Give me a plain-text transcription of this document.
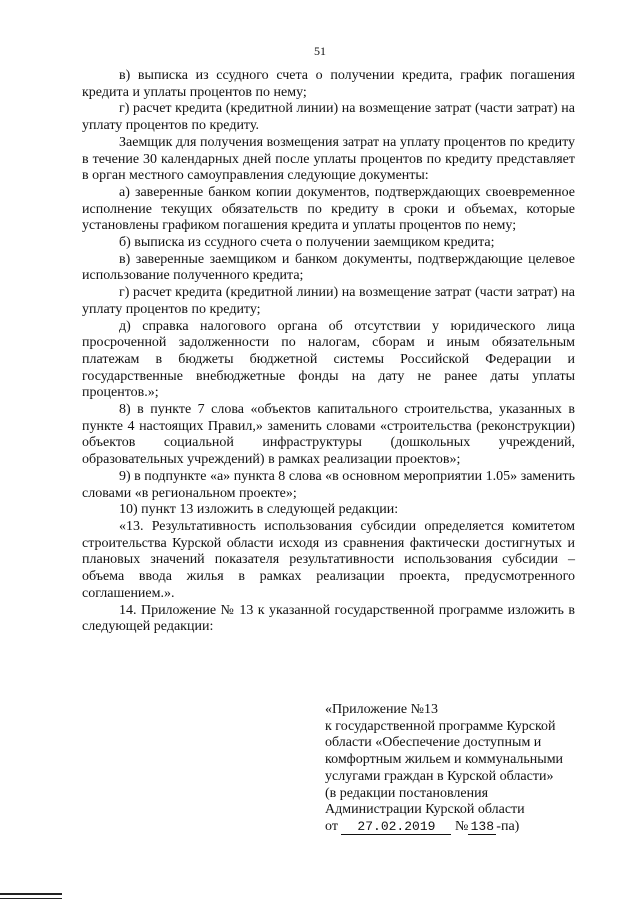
51

в) выписка из ссудного счета о получении кредита, график погашения кредита и уплаты процентов по нему;

г) расчет кредита (кредитной линии) на возмещение затрат (части затрат) на уплату процентов по кредиту.

Заемщик для получения возмещения затрат на уплату процентов по кредиту в течение 30 календарных дней после уплаты процентов по кредиту представляет в орган местного самоуправления следующие документы:

а) заверенные банком копии документов, подтверждающих своевременное исполнение текущих обязательств по кредиту в сроки и объемах, которые установлены графиком погашения кредита и уплаты процентов по нему;

б) выписка из ссудного счета о получении заемщиком кредита;

в) заверенные заемщиком и банком документы, подтверждающие целевое использование полученного кредита;

г) расчет кредита (кредитной линии) на возмещение затрат (части затрат) на уплату процентов по кредиту;

д) справка налогового органа об отсутствии у юридического лица просроченной задолженности по налогам, сборам и иным обязательным платежам в бюджеты бюджетной системы Российской Федерации и государственные внебюджетные фонды на дату не ранее даты уплаты процентов.»;

8) в пункте 7 слова «объектов капитального строительства, указанных в пункте 4 настоящих Правил,» заменить словами «строительства (реконструкции) объектов социальной инфраструктуры (дошкольных учреждений, образовательных учреждений) в рамках реализации проектов»;

9) в подпункте «а» пункта 8 слова «в основном мероприятии 1.05» заменить словами «в региональном проекте»;

10) пункт 13 изложить в следующей редакции:

«13. Результативность использования субсидии определяется комитетом строительства Курской области исходя из сравнения фактически достигнутых и плановых значений показателя результативности использования субсидии – объема ввода жилья в рамках реализации проекта, предусмотренного соглашением.».

14. Приложение № 13 к указанной государственной программе изложить в следующей редакции:

«Приложение №13
к государственной программе Курской
области «Обеспечение доступным и
комфортным жильем и коммунальными
услугами граждан в Курской области»
(в редакции постановления
Администрации Курской области
от 27.02.2019 № 138 -па)
